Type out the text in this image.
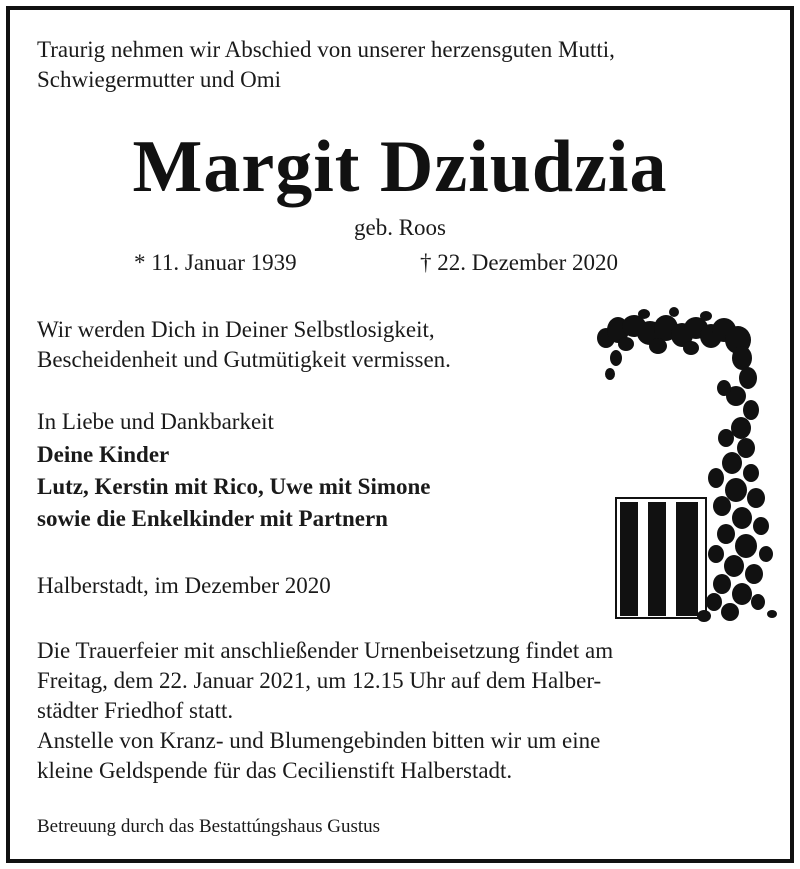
Traurig nehmen wir Abschied von unserer herzensguten Mutti,

Schwiegermutter und Omi

Margit Dziudzia

geb. Roos

* 11. Januar 1939	† 22. Dezember 2020

Wir werden Dich in Deiner Selbstlosigkeit,

Bescheidenheit und Gutmütigkeit vermissen.

In Liebe und Dankbarkeit

Deine Kinder

Lutz, Kerstin mit Rico, Uwe mit Simone

sowie die Enkelkinder mit Partnern

Halberstadt, im Dezember 2020

Die Trauerfeier mit anschließender Urnenbeisetzung findet am

Freitag, dem 22. Januar 2021, um 12.15 Uhr auf dem Halber-

städter Friedhof statt.

Anstelle von Kranz- und Blumengebinden bitten wir um eine

kleine Geldspende für das Cecilienstift Halberstadt.

Betreuung durch das Bestattúngshaus Gustus
